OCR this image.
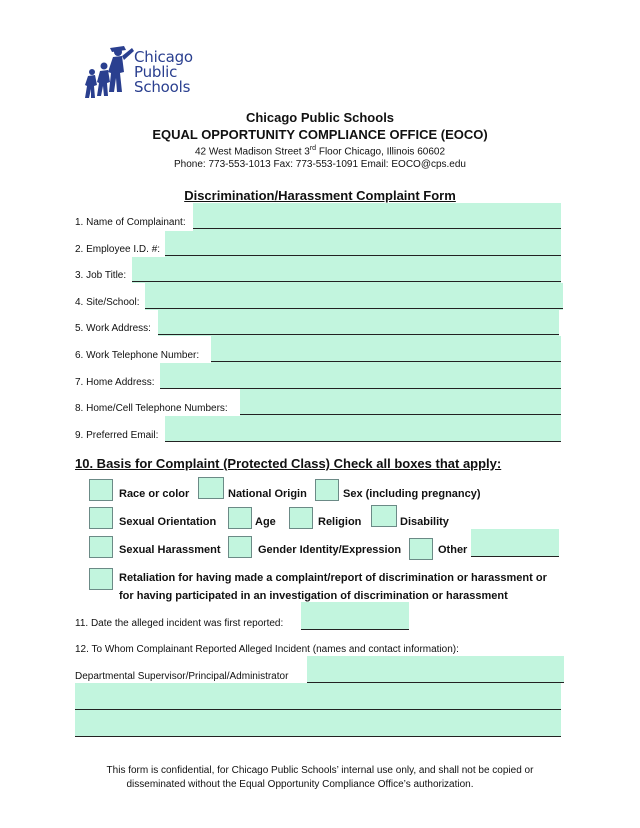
Chicago
Public
Schools
Chicago Public Schools
EQUAL OPPORTUNITY COMPLIANCE OFFICE (EOCO)
42 West Madison Street 3rd Floor Chicago, Illinois 60602
Phone: 773-553-1013 Fax: 773-553-1091 Email: EOCO@cps.edu
Discrimination/Harassment Complaint Form
1. Name of Complainant:
2. Employee I.D. #:
3. Job Title:
4. Site/School:
5. Work Address:
6. Work Telephone Number:
7. Home Address:
8. Home/Cell Telephone Numbers:
9. Preferred Email:
10. Basis for Complaint (Protected Class) Check all boxes that apply:
Race or color	National Origin	Sex (including pregnancy)
Sexual Orientation	Age	Religion	Disability
Sexual Harassment	Gender Identity/Expression	Other
Retaliation for having made a complaint/report of discrimination or harassment or
for having participated in an investigation of discrimination or harassment
11. Date the alleged incident was first reported:
12. To Whom Complainant Reported Alleged Incident (names and contact information):
Departmental Supervisor/Principal/Administrator
This form is confidential, for Chicago Public Schools’ internal use only, and shall not be copied or
disseminated without the Equal Opportunity Compliance Office’s authorization.
